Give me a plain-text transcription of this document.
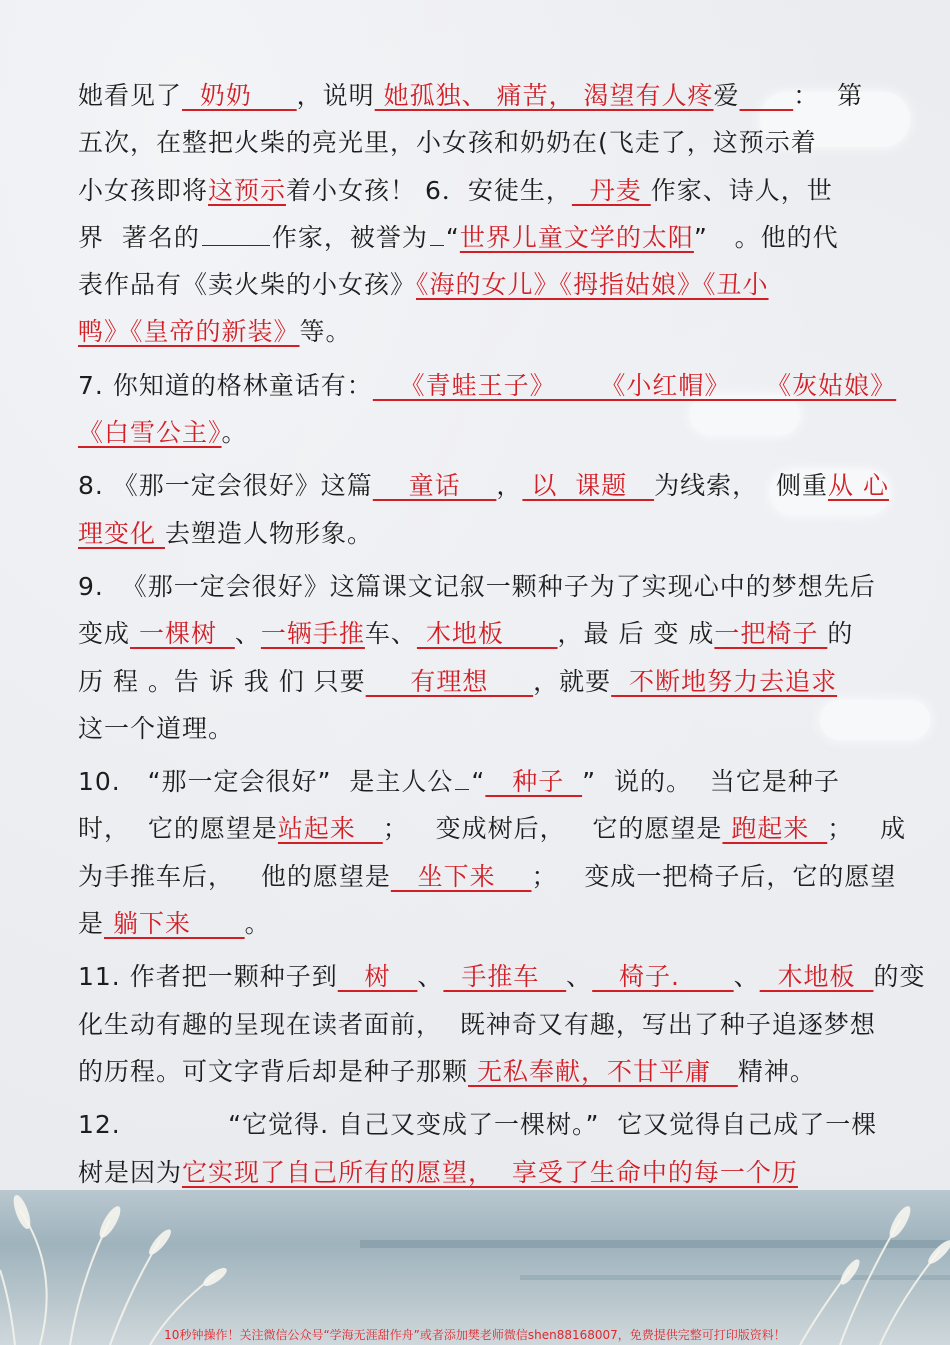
她看见了  奶奶     ，说明 她孤独、 痛苦， 渴望有人疼爱 ：  第
五次，在整把火柴的亮光里，小女孩和奶奶在(飞走了，这预示着
小女孩即将这预示着小女孩！ 6．安徒生，  丹麦 作家、诗人，世
界  著名的	作家，被誉为 “世界儿童文学的太阳”   。他的代
表作品有《卖火柴的小女孩》《海的女儿》《拇指姑娘》《丑小
鸭》《皇帝的新装》等。
7. 你知道的格林童话有：   《青蛙王子》     《小红帽》    《灰姑娘》
《白雪公主》。
8. 《那一定会很好》这篇    童话    ， 以  课题   为线索，  侧重从 心
理变化 去塑造人物形象。
9.  《那一定会很好》这篇课文记叙一颗种子为了实现心中的梦想先后
变成 一棵树  、一辆手推车、 木地板      ，最 后 变 成一把椅子 的
历 程 。告 诉 我 们 只要     有理想     ，就要  不断地努力去追求
这一个道理。
10.   “那一定会很好”  是主人公 “   种子  ”  说的。  当它是种子
时，  它的愿望是站起来   ；   变成树后，   它的愿望是 跑起来  ；   成
为手推车后，   他的愿望是   坐下来    ；   变成一把椅子后，它的愿望
是 躺下来      。
11. 作者把一颗种子到   树   、  手推车   、   椅子.      、  木地板  的变
化生动有趣的呈现在读者面前，  既神奇又有趣，写出了种子追逐梦想
的历程。可文字背后却是种子那颗 无私奉献，不甘平庸   精神。
12.            “它觉得. 自己又变成了一棵树。”  它又觉得自己成了一棵
树是因为它实现了自己所有的愿望，  享受了生命中的每一个历
10秒钟操作！关注微信公众号“学海无涯甜作舟”或者添加樊老师微信shen88168007，免费提供完整可打印版资料！
